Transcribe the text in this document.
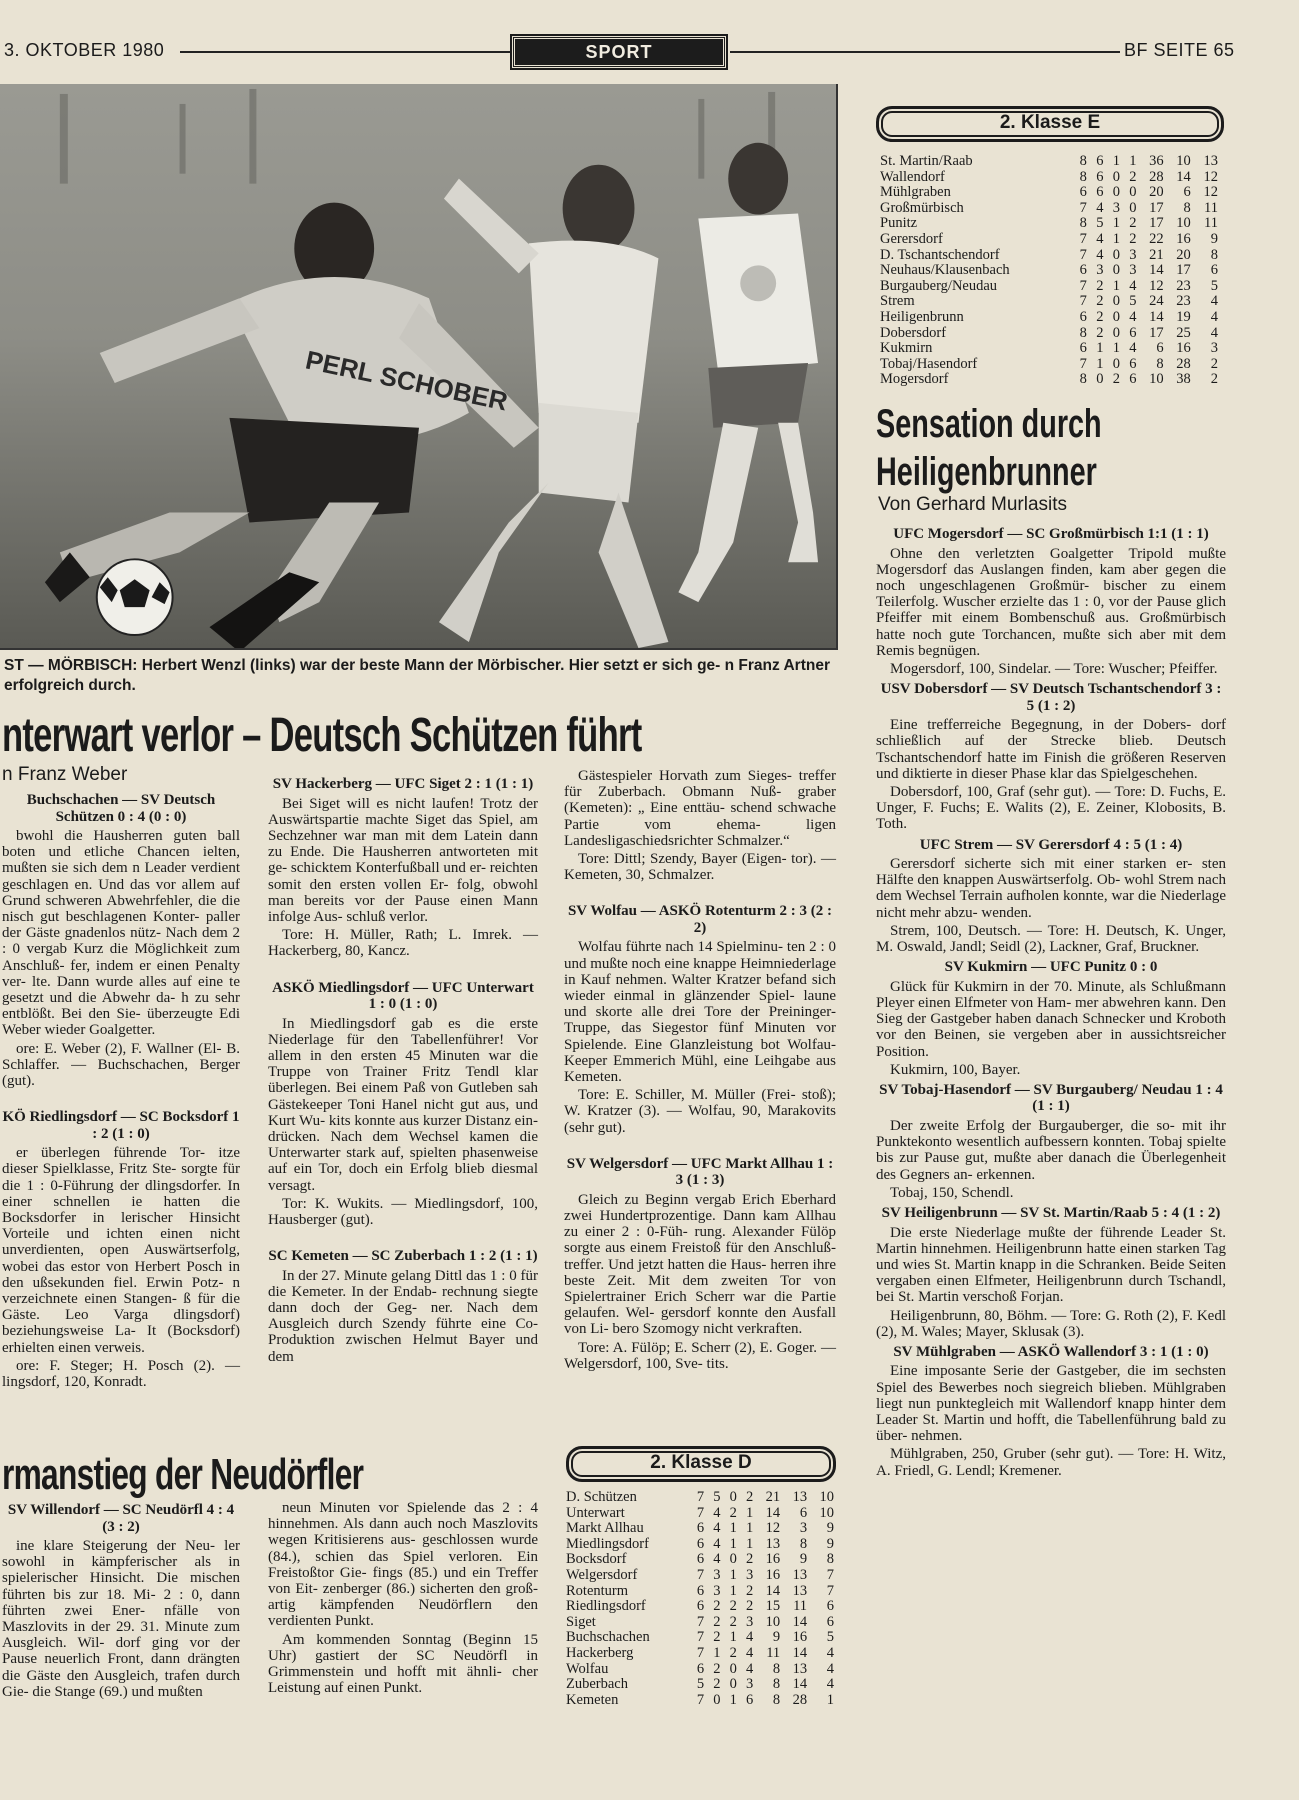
3. OKTOBER 1980	SPORT	BF SEITE 65
PERL SCHOBER
ST — MÖRBISCH: Herbert Wenzl (links) war der beste Mann der Mörbischer. Hier setzt er sich ge- n Franz Artner erfolgreich durch.
nterwart verlor – Deutsch Schützen führt
n Franz Weber
Buchschachen — SV Deutsch Schützen 0 : 4 (0 : 0)

bwohl die Hausherren guten ball boten und etliche Chancen ielten, mußten sie sich dem n Leader verdient geschlagen en. Und das vor allem auf Grund schweren Abwehrfehler, die die nisch gut beschlagenen Konter- paller der Gäste gnadenlos nütz- Nach dem 2 : 0 vergab Kurz die Möglichkeit zum Anschluß- fer, indem er einen Penalty ver- lte. Dann wurde alles auf eine te gesetzt und die Abwehr da- h zu sehr entblößt. Bei den Sie- überzeugte Edi Weber wieder Goalgetter.

ore: E. Weber (2), F. Wallner (El- B. Schlaffer. — Buchschachen, Berger (gut).

KÖ Riedlingsdorf — SC Bocksdorf 1 : 2 (1 : 0)

er überlegen führende Tor- itze dieser Spielklasse, Fritz Ste- sorgte für die 1 : 0-Führung der dlingsdorfer. In einer schnellen ie hatten die Bocksdorfer in lerischer Hinsicht Vorteile und ichten einen nicht unverdienten, open Auswärtserfolg, wobei das estor von Herbert Posch in den ußsekunden fiel. Erwin Potz- n verzeichnete einen Stangen- ß für die Gäste. Leo Varga dlingsdorf) beziehungsweise La- It (Bocksdorf) erhielten einen verweis.

ore: F. Steger; H. Posch (2). — lingsdorf, 120, Konradt.

SV Hackerberg — UFC Siget 2 : 1 (1 : 1)

Bei Siget will es nicht laufen! Trotz der Auswärtspartie machte Siget das Spiel, am Sechzehner war man mit dem Latein dann zu Ende. Die Hausherren antworteten mit ge- schicktem Konterfußball und er- reichten somit den ersten vollen Er- folg, obwohl man bereits vor der Pause einen Mann infolge Aus- schluß verlor.

Tore: H. Müller, Rath; L. Imrek. — Hackerberg, 80, Kancz.

ASKÖ Miedlingsdorf — UFC Unterwart 1 : 0 (1 : 0)

In Miedlingsdorf gab es die erste Niederlage für den Tabellenführer! Vor allem in den ersten 45 Minuten war die Truppe von Trainer Fritz Tendl klar überlegen. Bei einem Paß von Gutleben sah Gästekeeper Toni Hanel nicht gut aus, und Kurt Wu- kits konnte aus kurzer Distanz ein- drücken. Nach dem Wechsel kamen die Unterwarter stark auf, spielten phasenweise auf ein Tor, doch ein Erfolg blieb diesmal versagt.

Tor: K. Wukits. — Miedlingsdorf, 100, Hausberger (gut).

SC Kemeten — SC Zuberbach 1 : 2 (1 : 1)

In der 27. Minute gelang Dittl das 1 : 0 für die Kemeter. In der Endab- rechnung siegte dann doch der Geg- ner. Nach dem Ausgleich durch Szendy führte eine Co-Produktion zwischen Helmut Bayer und dem

Gästespieler Horvath zum Sieges- treffer für Zuberbach. Obmann Nuß- graber (Kemeten): „ Eine enttäu- schend schwache Partie vom ehema- ligen Landesligaschiedsrichter Schmalzer.“

Tore: Dittl; Szendy, Bayer (Eigen- tor). — Kemeten, 30, Schmalzer.

SV Wolfau — ASKÖ Rotenturm 2 : 3 (2 : 2)

Wolfau führte nach 14 Spielminu- ten 2 : 0 und mußte noch eine knappe Heimniederlage in Kauf nehmen. Walter Kratzer befand sich wieder einmal in glänzender Spiel- laune und skorte alle drei Tore der Preininger-Truppe, das Siegestor fünf Minuten vor Spielende. Eine Glanzleistung bot Wolfau-Keeper Emmerich Mühl, eine Leihgabe aus Kemeten.

Tore: E. Schiller, M. Müller (Frei- stoß); W. Kratzer (3). — Wolfau, 90, Marakovits (sehr gut).

SV Welgersdorf — UFC Markt Allhau 1 : 3 (1 : 3)

Gleich zu Beginn vergab Erich Eberhard zwei Hundertprozentige. Dann kam Allhau zu einer 2 : 0-Füh- rung. Alexander Fülöp sorgte aus einem Freistoß für den Anschluß- treffer. Und jetzt hatten die Haus- herren ihre beste Zeit. Mit dem zweiten Tor von Spielertrainer Erich Scherr war die Partie gelaufen. Wel- gersdorf konnte den Ausfall von Li- bero Szomogy nicht verkraften.

Tore: A. Fülöp; E. Scherr (2), E. Goger. — Welgersdorf, 100, Sve- tits.

2. Klasse D
D. Schützen	7	5	0	2	21	13	10
Unterwart	7	4	2	1	14	6	10
Markt Allhau	6	4	1	1	12	3	9
Miedlingsdorf	6	4	1	1	13	8	9
Bocksdorf	6	4	0	2	16	9	8
Welgersdorf	7	3	1	3	16	13	7
Rotenturm	6	3	1	2	14	13	7
Riedlingsdorf	6	2	2	2	15	11	6
Siget	7	2	2	3	10	14	6
Buchschachen	7	2	1	4	9	16	5
Hackerberg	7	1	2	4	11	14	4
Wolfau	6	2	0	4	8	13	4
Zuberbach	5	2	0	3	8	14	4
Kemeten	7	0	1	6	8	28	1
rmanstieg der Neudörfler
SV Willendorf — SC Neudörfl 4 : 4 (3 : 2)

ine klare Steigerung der Neu- ler sowohl in kämpferischer als in spielerischer Hinsicht. Die mischen führten bis zur 18. Mi- 2 : 0, dann führten zwei Ener- nfälle von Maszlovits in der 29. 31. Minute zum Ausgleich. Wil- dorf ging vor der Pause neuerlich Front, dann drängten die Gäste den Ausgleich, trafen durch Gie- die Stange (69.) und mußten

neun Minuten vor Spielende das 2 : 4 hinnehmen. Als dann auch noch Maszlovits wegen Kritisierens aus- geschlossen wurde (84.), schien das Spiel verloren. Ein Freistoßtor Gie- fings (85.) und ein Treffer von Eit- zenberger (86.) sicherten den groß- artig kämpfenden Neudörflern den verdienten Punkt.

Am kommenden Sonntag (Beginn 15 Uhr) gastiert der SC Neudörfl in Grimmenstein und hofft mit ähnli- cher Leistung auf einen Punkt.

2. Klasse E
St. Martin/Raab	8	6	1	1	36	10	13
Wallendorf	8	6	0	2	28	14	12
Mühlgraben	6	6	0	0	20	6	12
Großmürbisch	7	4	3	0	17	8	11
Punitz	8	5	1	2	17	10	11
Gerersdorf	7	4	1	2	22	16	9
D. Tschantschendorf	7	4	0	3	21	20	8
Neuhaus/Klausenbach	6	3	0	3	14	17	6
Burgauberg/Neudau	7	2	1	4	12	23	5
Strem	7	2	0	5	24	23	4
Heiligenbrunn	6	2	0	4	14	19	4
Dobersdorf	8	2	0	6	17	25	4
Kukmirn	6	1	1	4	6	16	3
Tobaj/Hasendorf	7	1	0	6	8	28	2
Mogersdorf	8	0	2	6	10	38	2
Sensation durch
Heiligenbrunner
Von Gerhard Murlasits
UFC Mogersdorf — SC Großmürbisch 1:1 (1 : 1)

Ohne den verletzten Goalgetter Tripold mußte Mogersdorf das Auslangen finden, kam aber gegen die noch ungeschlagenen Großmür- bischer zu einem Teilerfolg. Wuscher erzielte das 1 : 0, vor der Pause glich Pfeiffer mit einem Bombenschuß aus. Großmürbisch hatte noch gute Torchancen, mußte sich aber mit dem Remis begnügen.

Mogersdorf, 100, Sindelar. — Tore: Wuscher; Pfeiffer.

USV Dobersdorf — SV Deutsch Tschantschendorf 3 : 5 (1 : 2)

Eine trefferreiche Begegnung, in der Dobers- dorf schließlich auf der Strecke blieb. Deutsch Tschantschendorf hatte im Finish die größeren Reserven und diktierte in dieser Phase klar das Spielgeschehen.

Dobersdorf, 100, Graf (sehr gut). — Tore: D. Fuchs, E. Unger, F. Fuchs; E. Walits (2), E. Zeiner, Klobosits, B. Toth.

UFC Strem — SV Gerersdorf 4 : 5 (1 : 4)

Gerersdorf sicherte sich mit einer starken er- sten Hälfte den knappen Auswärtserfolg. Ob- wohl Strem nach dem Wechsel Terrain aufholen konnte, war die Niederlage nicht mehr abzu- wenden.

Strem, 100, Deutsch. — Tore: H. Deutsch, K. Unger, M. Oswald, Jandl; Seidl (2), Lackner, Graf, Bruckner.

SV Kukmirn — UFC Punitz 0 : 0

Glück für Kukmirn in der 70. Minute, als Schlußmann Pleyer einen Elfmeter von Ham- mer abwehren kann. Den Sieg der Gastgeber haben danach Schnecker und Kroboth vor den Beinen, sie vergeben aber in aussichtsreicher Position.

Kukmirn, 100, Bayer.

SV Tobaj-Hasendorf — SV Burgauberg/ Neudau 1 : 4 (1 : 1)

Der zweite Erfolg der Burgauberger, die so- mit ihr Punktekonto wesentlich aufbessern konnten. Tobaj spielte bis zur Pause gut, mußte aber danach die Überlegenheit des Gegners an- erkennen.

Tobaj, 150, Schendl.

SV Heiligenbrunn — SV St. Martin/Raab 5 : 4 (1 : 2)

Die erste Niederlage mußte der führende Leader St. Martin hinnehmen. Heiligenbrunn hatte einen starken Tag und wies St. Martin knapp in die Schranken. Beide Seiten vergaben einen Elfmeter, Heiligenbrunn durch Tschandl, bei St. Martin verschoß Forjan.

Heiligenbrunn, 80, Böhm. — Tore: G. Roth (2), F. Kedl (2), M. Wales; Mayer, Sklusak (3).

SV Mühlgraben — ASKÖ Wallendorf 3 : 1 (1 : 0)

Eine imposante Serie der Gastgeber, die im sechsten Spiel des Bewerbes noch siegreich blieben. Mühlgraben liegt nun punktegleich mit Wallendorf knapp hinter dem Leader St. Martin und hofft, die Tabellenführung bald zu über- nehmen.

Mühlgraben, 250, Gruber (sehr gut). — Tore: H. Witz, A. Friedl, G. Lendl; Kremener.
